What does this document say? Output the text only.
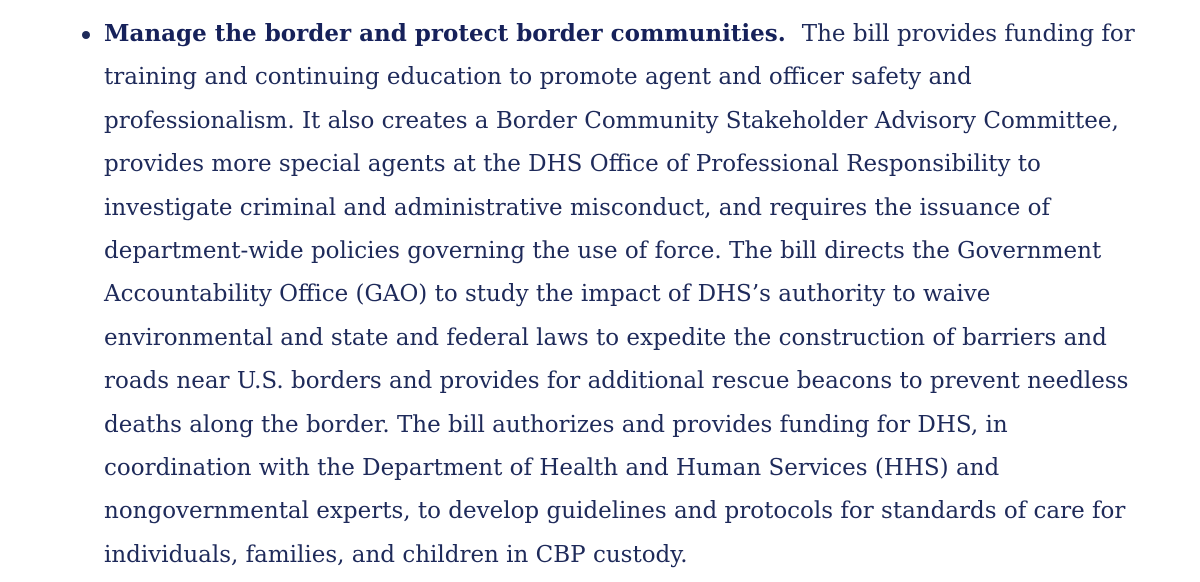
Manage the border and protect border communities. The bill provides funding for training and continuing education to promote agent and officer safety and professionalism. It also creates a Border Community Stakeholder Advisory Committee, provides more special agents at the DHS Office of Professional Responsibility to investigate criminal and administrative misconduct, and requires the issuance of department-wide policies governing the use of force. The bill directs the Government Accountability Office (GAO) to study the impact of DHS’s authority to waive environmental and state and federal laws to expedite the construction of barriers and roads near U.S. borders and provides for additional rescue beacons to prevent needless deaths along the border. The bill authorizes and provides funding for DHS, in coordination with the Department of Health and Human Services (HHS) and nongovernmental experts, to develop guidelines and protocols for standards of care for individuals, families, and children in CBP custody.
